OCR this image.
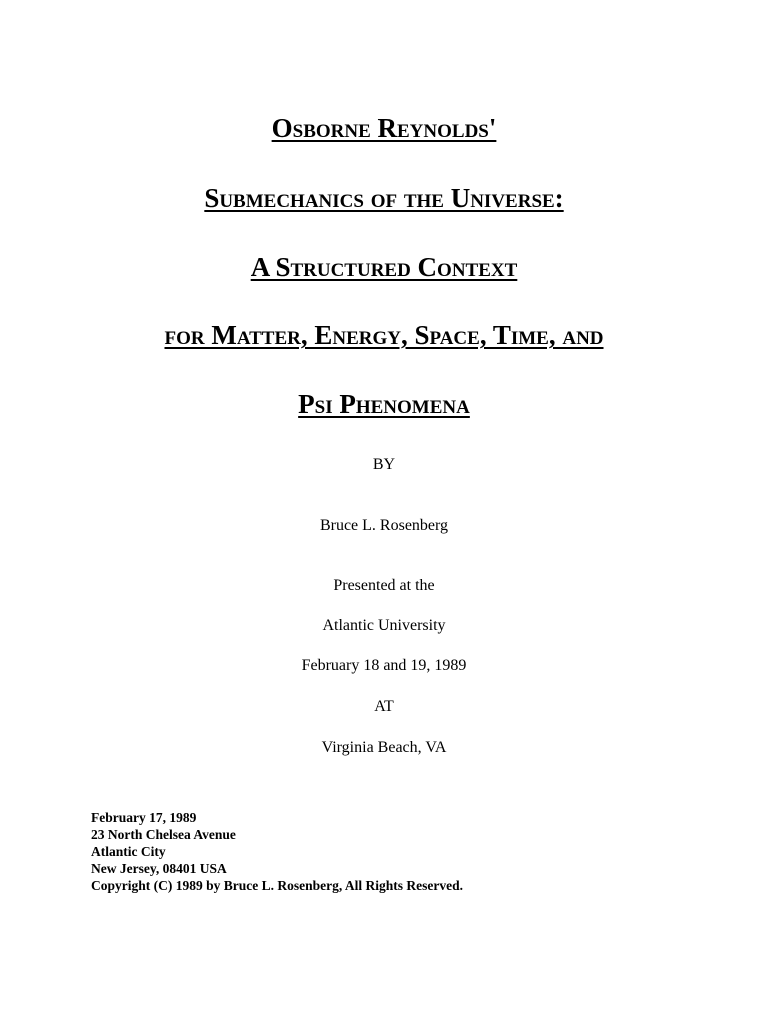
Osborne Reynolds'
Submechanics of the Universe:
A Structured Context
for Matter, Energy, Space, Time, and
Psi Phenomena
BY
Bruce L. Rosenberg
Presented at the
Atlantic University
February 18 and 19, 1989
AT
Virginia Beach, VA
February 17, 1989
23 North Chelsea Avenue
Atlantic City
New Jersey, 08401 USA
Copyright (C) 1989 by Bruce L. Rosenberg, All Rights Reserved.
